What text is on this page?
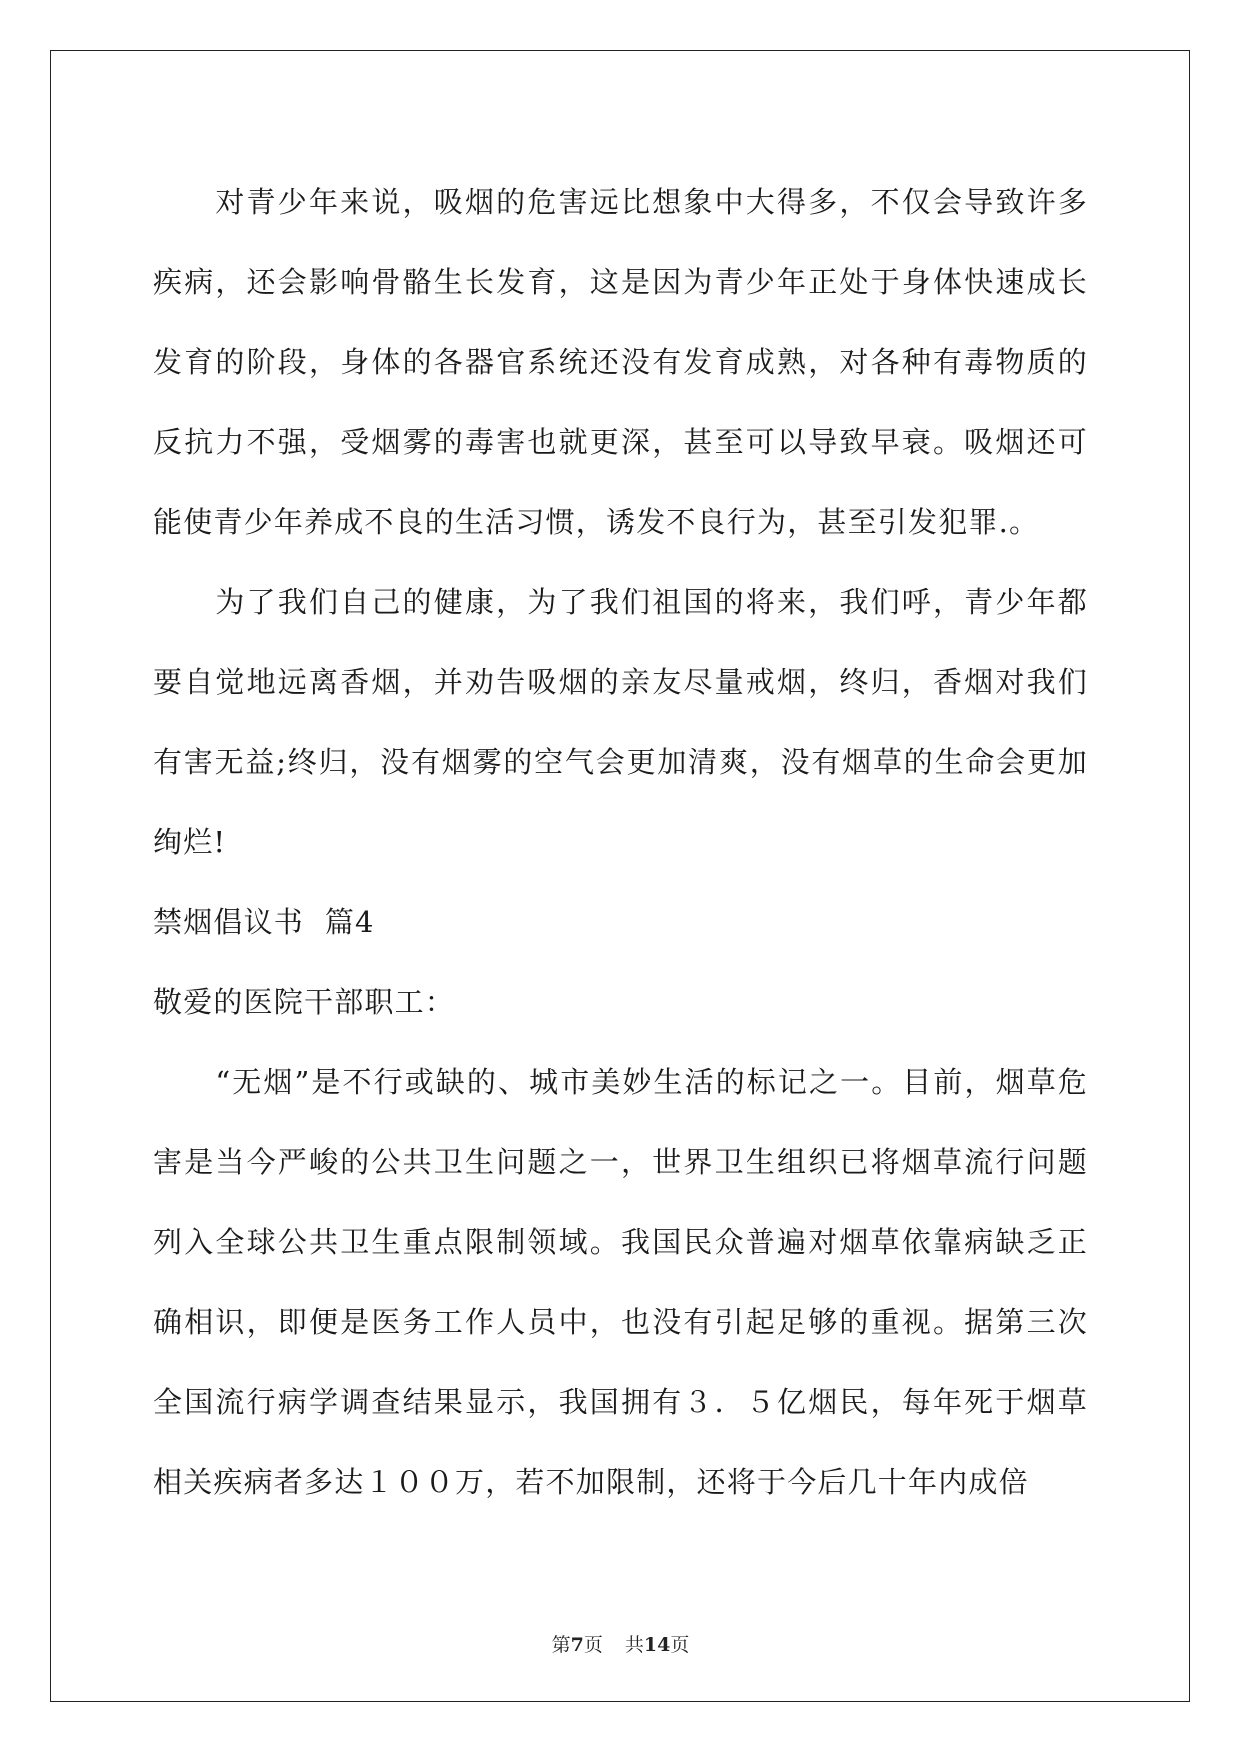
对青少年来说，吸烟的危害远比想象中大得多，不仅会导致许多疾病，还会影响骨骼生长发育，这是因为青少年正处于身体快速成长发育的阶段，身体的各器官系统还没有发育成熟，对各种有毒物质的反抗力不强，受烟雾的毒害也就更深，甚至可以导致早衰。吸烟还可能使青少年养成不良的生活习惯，诱发不良行为，甚至引发犯罪.。

为了我们自己的健康，为了我们祖国的将来，我们呼，青少年都要自觉地远离香烟，并劝告吸烟的亲友尽量戒烟，终归，香烟对我们有害无益;终归，没有烟雾的空气会更加清爽，没有烟草的生命会更加绚烂!

禁烟倡议书  篇4

敬爱的医院干部职工：

“无烟”是不行或缺的、城市美妙生活的标记之一。目前，烟草危害是当今严峻的公共卫生问题之一，世界卫生组织已将烟草流行问题列入全球公共卫生重点限制领域。我国民众普遍对烟草依靠病缺乏正确相识，即便是医务工作人员中，也没有引起足够的重视。据第三次全国流行病学调查结果显示，我国拥有３．５亿烟民，每年死于烟草相关疾病者多达１００万，若不加限制，还将于今后几十年内成倍

第7页 共14页
